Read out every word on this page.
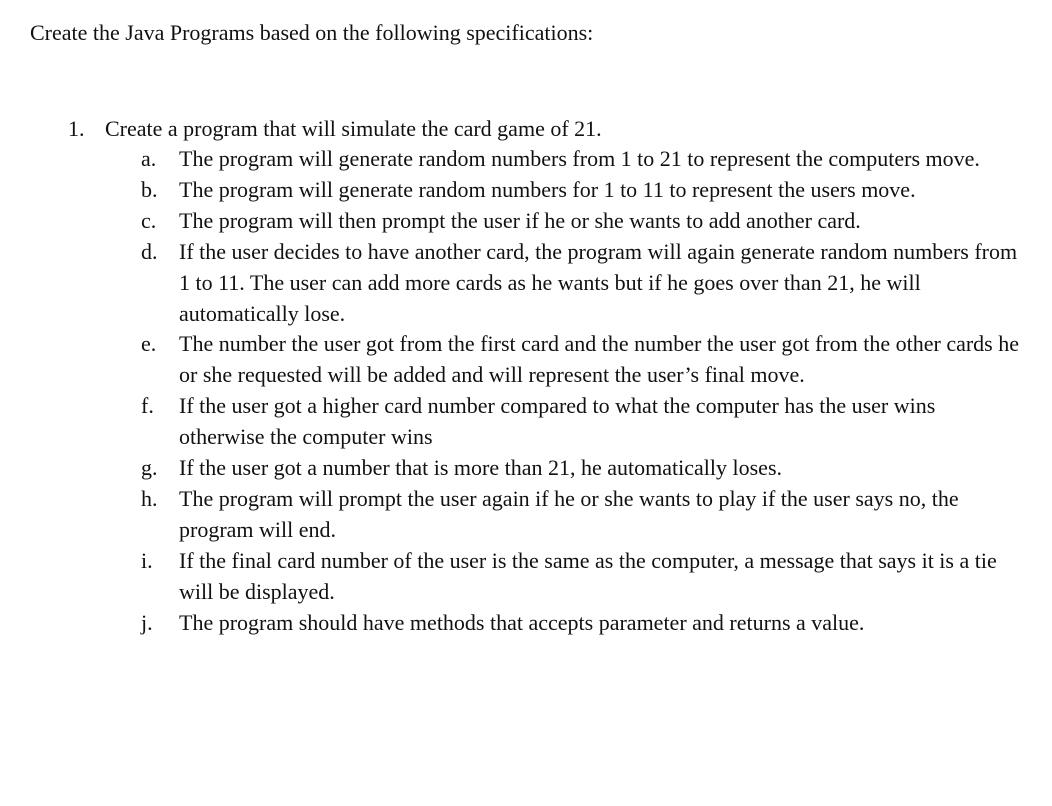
Create the Java Programs based on the following specifications:
1. Create a program that will simulate the card game of 21.
a. The program will generate random numbers from 1 to 21 to represent the computers move.
b. The program will generate random numbers for 1 to 11 to represent the users move.
c. The program will then prompt the user if he or she wants to add another card.
d. If the user decides to have another card, the program will again generate random numbers from 1 to 11. The user can add more cards as he wants but if he goes over than 21, he will automatically lose.
e. The number the user got from the first card and the number the user got from the other cards he or she requested will be added and will represent the user’s final move.
f. If the user got a higher card number compared to what the computer has the user wins otherwise the computer wins
g. If the user got a number that is more than 21, he automatically loses.
h. The program will prompt the user again if he or she wants to play if the user says no, the program will end.
i. If the final card number of the user is the same as the computer, a message that says it is a tie will be displayed.
j. The program should have methods that accepts parameter and returns a value.
